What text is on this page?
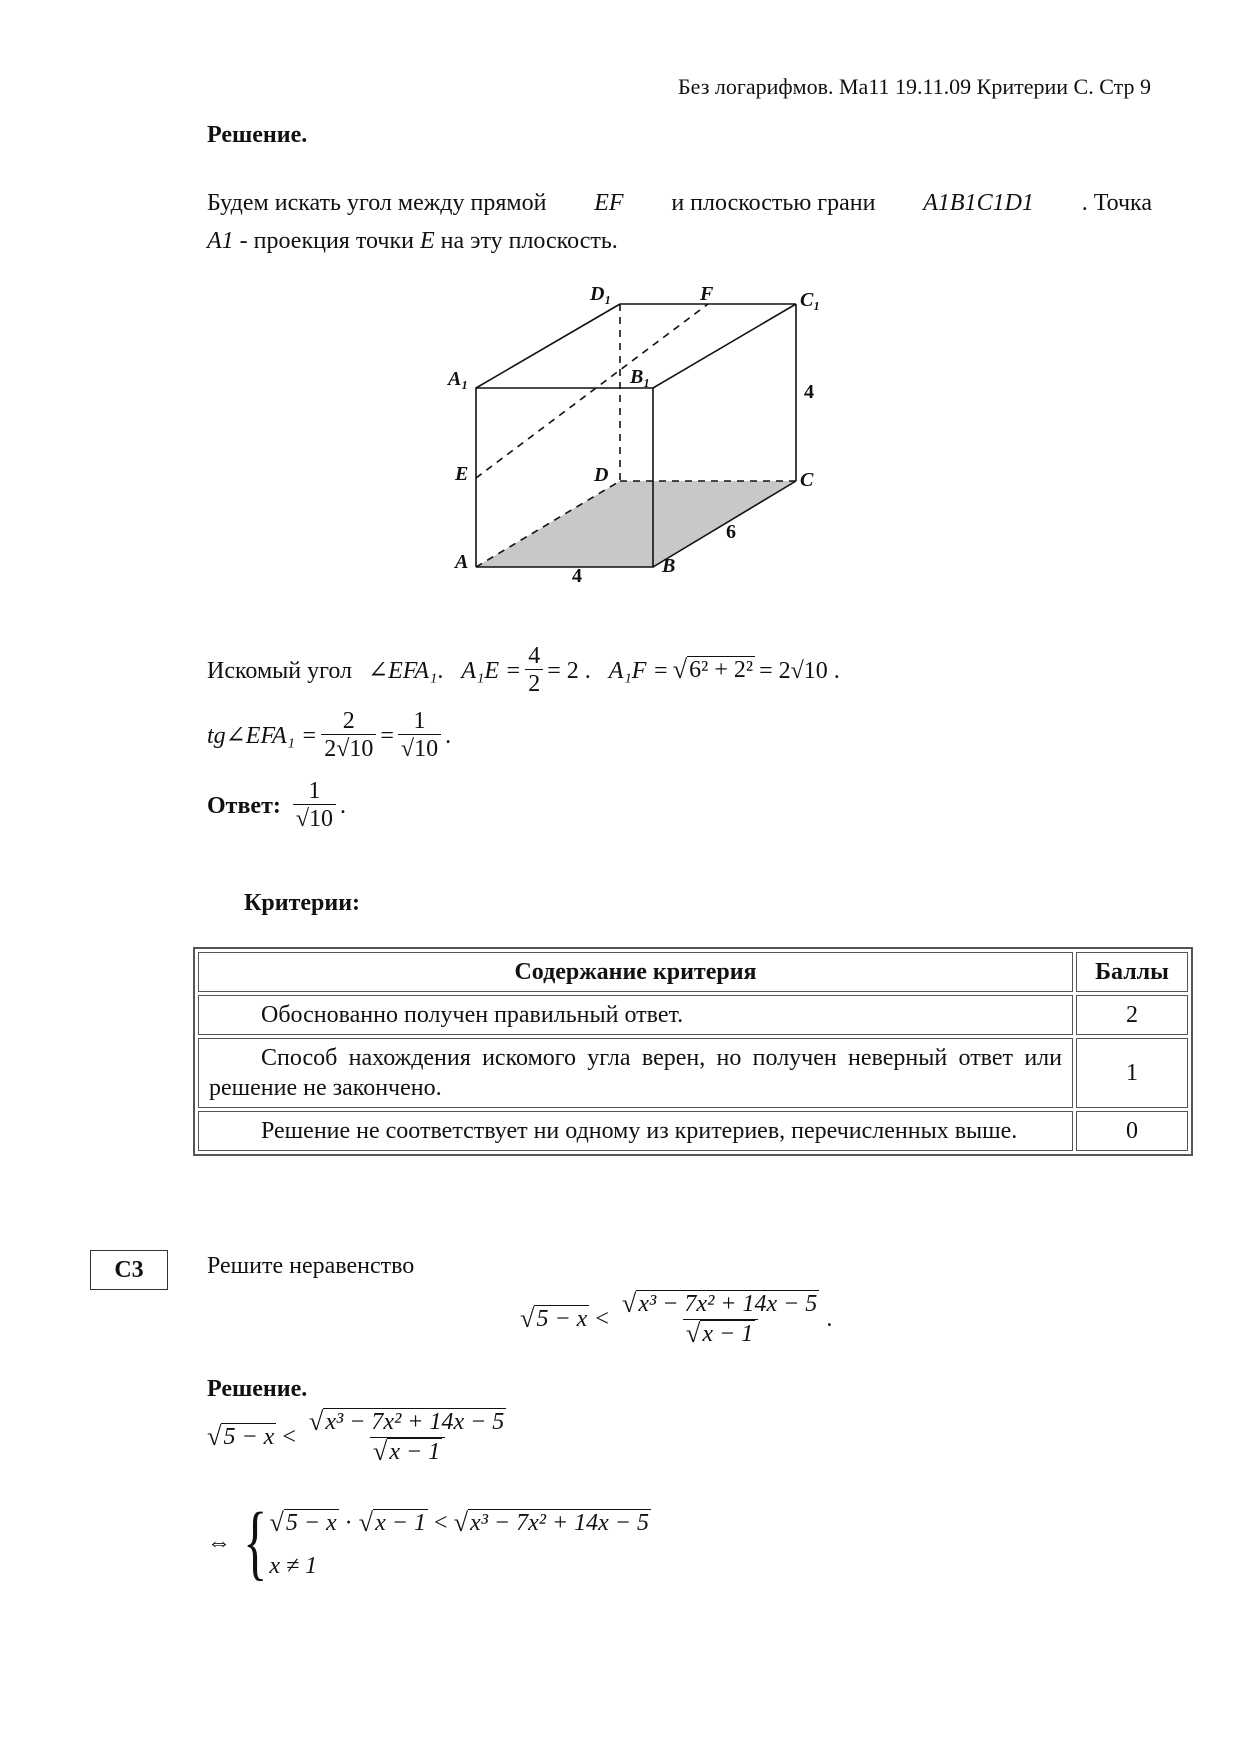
Без логарифмов. Ма11 19.11.09 Критерии С. Стр 9
Решение.
Будем искать угол между прямой EF и плоскостью грани A1B1C1D1 . Точка
A1 - проекция точки E на эту плоскость.
D₁	F	C₁
A₁	B₁
4
E	D	C
6
A	B
4
Искомый угол ∠EFA₁ . $A_1E = \frac{4}{2} = 2$ . A₁F = √ 6² + 2² = 2√10 .
tg∠EFA₁ = $\frac{2}{2√10} = \frac{1}{√10}$ .
Ответ: $\frac{1}{√10}$ .
Критерии:
Содержание критерия	Баллы
Обоснованно получен правильный ответ.	2
Способ нахождения искомого угла верен, но получен неверный ответ или решение не закончено.	1
Решение не соответствует ни одному из критериев, перечисленных выше.	0
С3	Решите неравенство
√ $5 - x < \frac{\text{√ x³ − 7x² + 14x − 5}}{√ x - 1}$ .
Решение.
√ $5 - x < \frac{\text{√ x³ − 7x² + 14x − 5}}{√ x - 1}$
⇔ { √ 5 − x · √ x − 1 < √ x³ − 7x² + 14x − 5
x ≠ 1
